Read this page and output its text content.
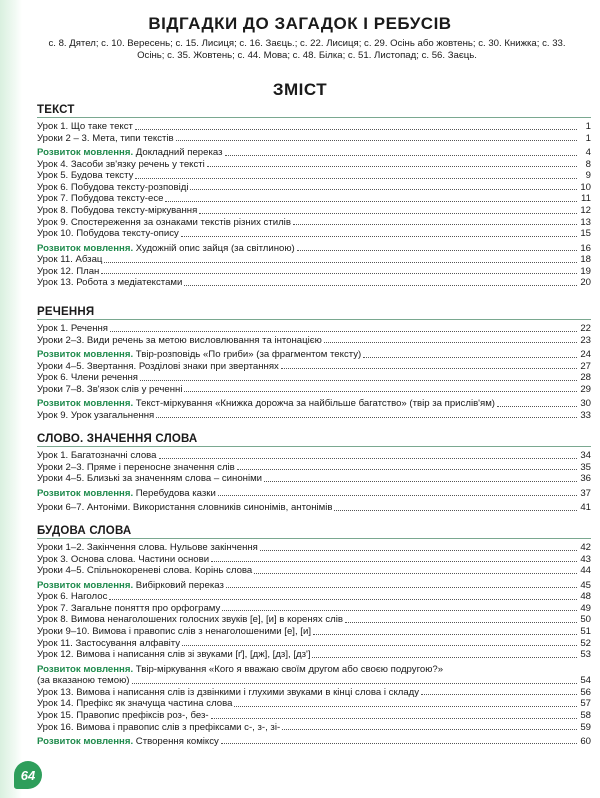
ВІДГАДКИ ДО ЗАГАДОК І РЕБУСІВ
с. 8. Дятел; с. 10. Вересень; с. 15. Лисиця; с. 16. Заєць.; с. 22. Лисиця; с. 29. Осінь або жовтень; с. 30. Книжка; с. 33. Осінь; с. 35. Жовтень; с. 44. Мова; с. 48. Білка; с. 51. Листопад; с. 56. Заєць.
ЗМІСТ
ТЕКСТ
Урок 1. Що таке текст	1
Уроки 2 – 3. Мета, типи текстів	1
Розвиток мовлення. Докладний переказ	4
Урок 4. Засоби зв'язку речень у тексті	8
Урок 5. Будова тексту	9
Урок 6. Побудова тексту-розповіді	10
Урок 7. Побудова тексту-есе	11
Урок 8. Побудова тексту-міркування	12
Урок 9. Спостереження за ознаками текстів різних стилів	13
Урок 10. Побудова тексту-опису	15
Розвиток мовлення. Художній опис зайця (за світлиною)	16
Урок 11. Абзац	18
Урок 12. План	19
Урок 13. Робота з медіатекстами	20
РЕЧЕННЯ
Урок 1. Речення	22
Уроки 2–3. Види речень за метою висловлювання та інтонацією	23
Розвиток мовлення. Твір-розповідь «По гриби» (за фрагментом тексту)	24
Уроки 4–5. Звертання. Розділові знаки при звертаннях	27
Урок 6. Члени речення	28
Уроки 7–8. Зв'язок слів у реченні	29
Розвиток мовлення. Текст-міркування «Книжка дорожча за найбільше багатство» (твір за прислів'ям)	30
Урок 9. Урок узагальнення	33
СЛОВО. ЗНАЧЕННЯ СЛОВА
Урок 1. Багатозначні слова	34
Уроки 2–3. Пряме і переносне значення слів	35
Уроки 4–5. Близькі за значенням слова – синоніми	36
Розвиток мовлення. Перебудова казки	37
Уроки 6–7. Антоніми. Використання словників синонімів, антонімів	41
БУДОВА СЛОВА
Уроки 1–2. Закінчення слова. Нульове закінчення	42
Урок 3. Основа слова. Частини основи	43
Уроки 4–5. Спільнокореневі слова. Корінь слова	44
Розвиток мовлення. Вибірковий переказ	45
Урок 6. Наголос	48
Урок 7. Загальне поняття про орфограму	49
Урок 8. Вимова ненаголошених голосних звуків [е], [и] в коренях слів	50
Уроки 9–10. Вимова і правопис слів з ненаголошеними [е], [и]	51
Урок 11. Застосування алфавіту	52
Урок 12. Вимова і написання слів зі звуками [ґ], [дж], [дз], [дз']	53
Розвиток мовлення. Твір-міркування «Кого я вважаю своїм другом або своєю подругою?»
(за вказаною темою)	54
Урок 13. Вимова і написання слів із дзвінкими і глухими звуками в кінці слова і складу	56
Урок 14. Префікс як значуща частина слова	57
Урок 15. Правопис префіксів роз-, без-	58
Урок 16. Вимова і правопис слів з префіксами с-, з-, зі-	59
Розвиток мовлення. Створення коміксу	60
64
